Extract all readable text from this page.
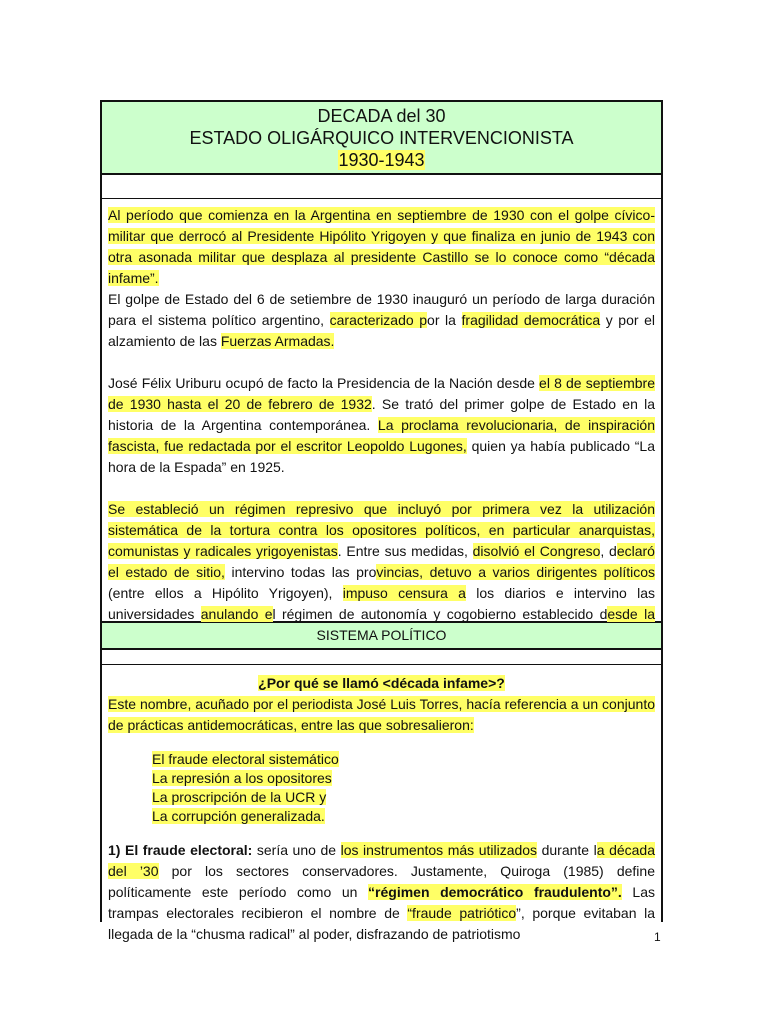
DECADA del 30
ESTADO OLIGÁRQUICO INTERVENCIONISTA
1930-1943

Al período que comienza en la Argentina en septiembre de 1930 con el golpe cívico-militar que derrocó al Presidente Hipólito Yrigoyen y que finaliza en junio de 1943 con otra asonada militar que desplaza al presidente Castillo se lo conoce como “década infame”.

El golpe de Estado del 6 de setiembre de 1930 inauguró un período de larga duración para el sistema político argentino, caracterizado por la fragilidad democrática y por el alzamiento de las Fuerzas Armadas.

José Félix Uriburu ocupó de facto la Presidencia de la Nación desde el 8 de septiembre de 1930 hasta el 20 de febrero de 1932. Se trató del primer golpe de Estado en la historia de la Argentina contemporánea. La proclama revolucionaria, de inspiración fascista, fue redactada por el escritor Leopoldo Lugones, quien ya había publicado “La hora de la Espada” en 1925.

Se estableció un régimen represivo que incluyó por primera vez la utilización sistemática de la tortura contra los opositores políticos, en particular anarquistas, comunistas y radicales yrigoyenistas. Entre sus medidas, disolvió el Congreso, declaró el estado de sitio, intervino todas las provincias, detuvo a varios dirigentes políticos (entre ellos a Hipólito Yrigoyen), impuso censura a los diarios e intervino las universidades anulando el régimen de autonomía y cogobierno establecido desde la

SISTEMA POLÍTICO
¿Por qué se llamó <década infame>?

Este nombre, acuñado por el periodista José Luis Torres, hacía referencia a un conjunto de prácticas antidemocráticas, entre las que sobresalieron:

El fraude electoral sistemático
La represión a los opositores
La proscripción de la UCR y
La corrupción generalizada.

1) El fraude electoral: sería uno de los instrumentos más utilizados durante la década del ’30 por los sectores conservadores. Justamente, Quiroga (1985) define políticamente este período como un “régimen democrático fraudulento”. Las trampas electorales recibieron el nombre de “fraude patriótico”, porque evitaban la llegada de la “chusma radical” al poder, disfrazando de patriotismo	1
